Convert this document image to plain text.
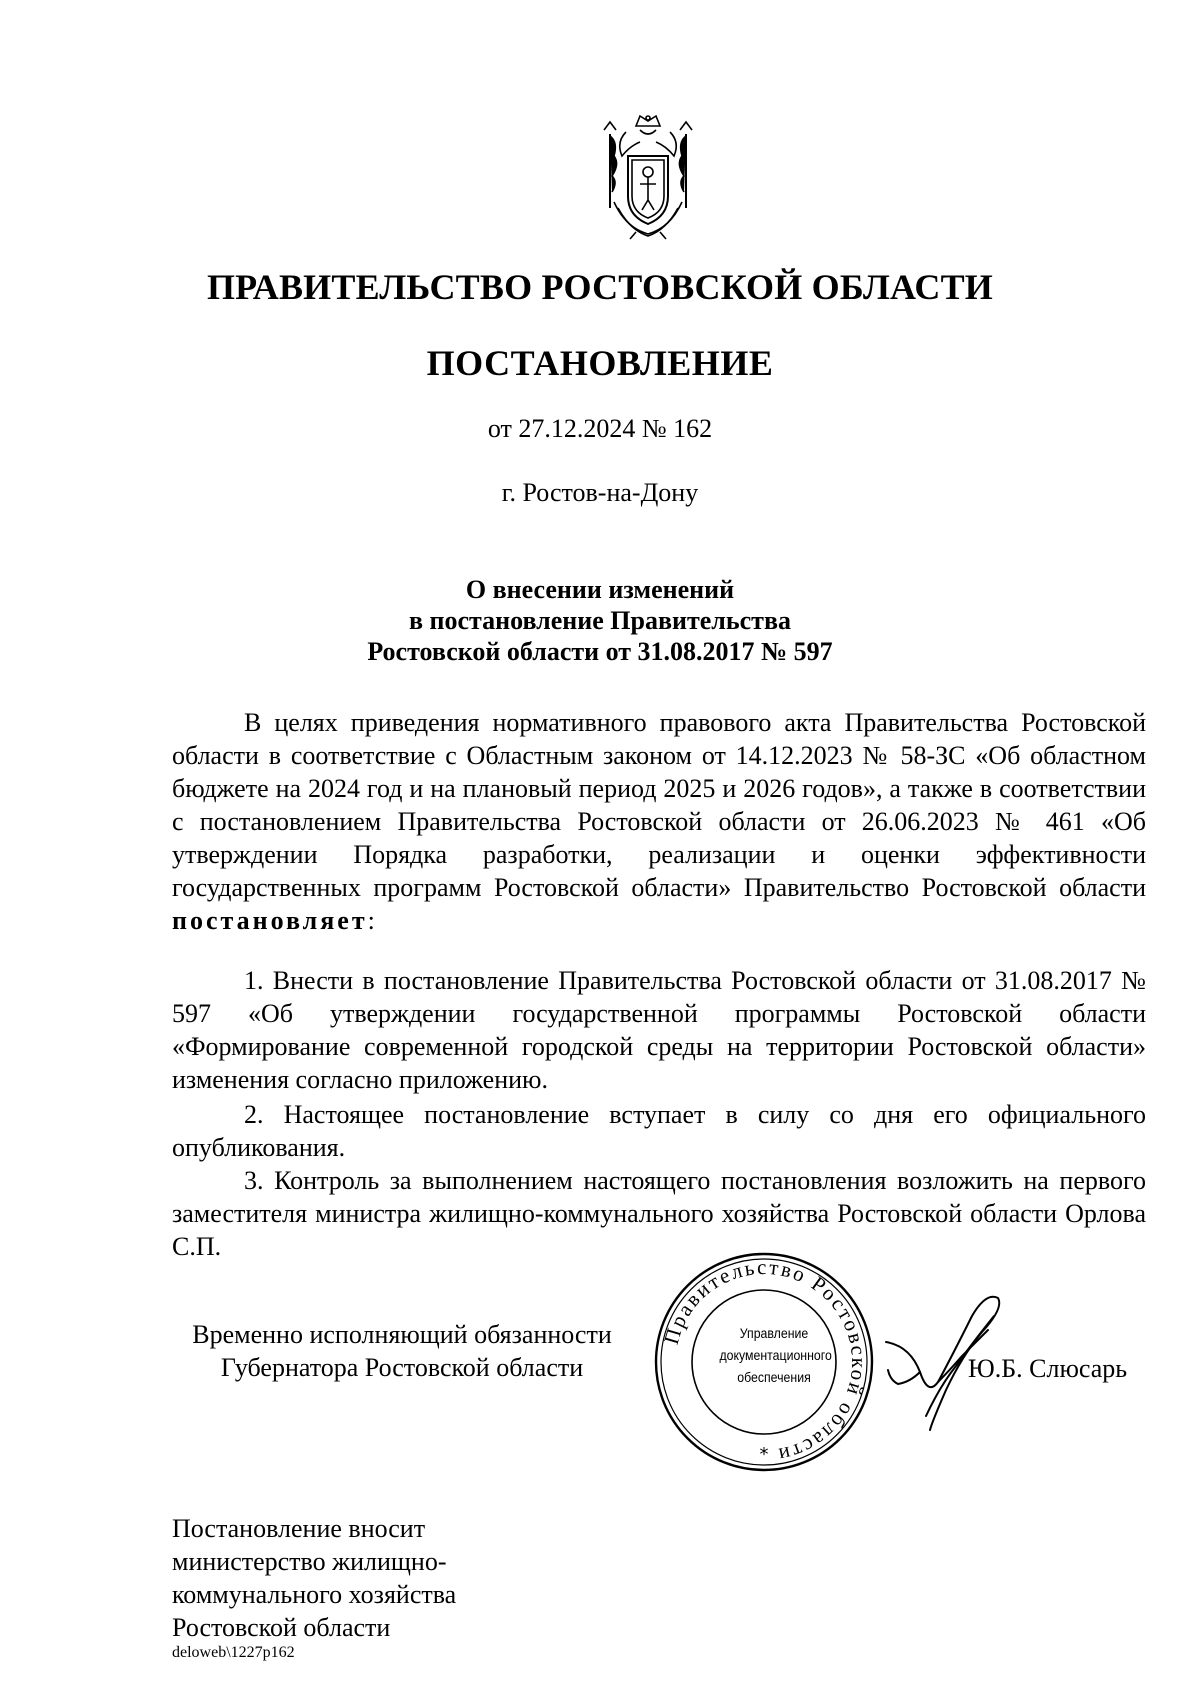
ПРАВИТЕЛЬСТВО РОСТОВСКОЙ ОБЛАСТИ
ПОСТАНОВЛЕНИЕ
от 27.12.2024 № 162
г. Ростов-на-Дону
О внесении изменений
в постановление Правительства
Ростовской области от 31.08.2017 № 597

В целях приведения нормативного правового акта Правительства Ростовской области в соответствие с Областным законом от 14.12.2023 № 58-ЗС «Об областном бюджете на 2024 год и на плановый период 2025 и 2026 годов», а также в соответствии с постановлением Правительства Ростовской области от 26.06.2023 № 461 «Об утверждении Порядка разработки, реализации и оценки эффективности государственных программ Ростовской области» Правительство Ростовской области постановляет:

1. Внести в постановление Правительства Ростовской области от 31.08.2017 № 597 «Об утверждении государственной программы Ростовской области «Формирование современной городской среды на территории Ростовской области» изменения согласно приложению.

2. Настоящее постановление вступает в силу со дня его официального опубликования.

3. Контроль за выполнением настоящего постановления возложить на первого заместителя министра жилищно-коммунального хозяйства Ростовской области Орлова С.П.

Временно исполняющий обязанности
Губернатора Ростовской области
Правительство Ростовской области
*
Управление
документационного
обеспечения	Ю.Б. Слюсарь
Постановление вносит
министерство жилищно-
коммунального хозяйства
Ростовской области
deloweb\1227p162
